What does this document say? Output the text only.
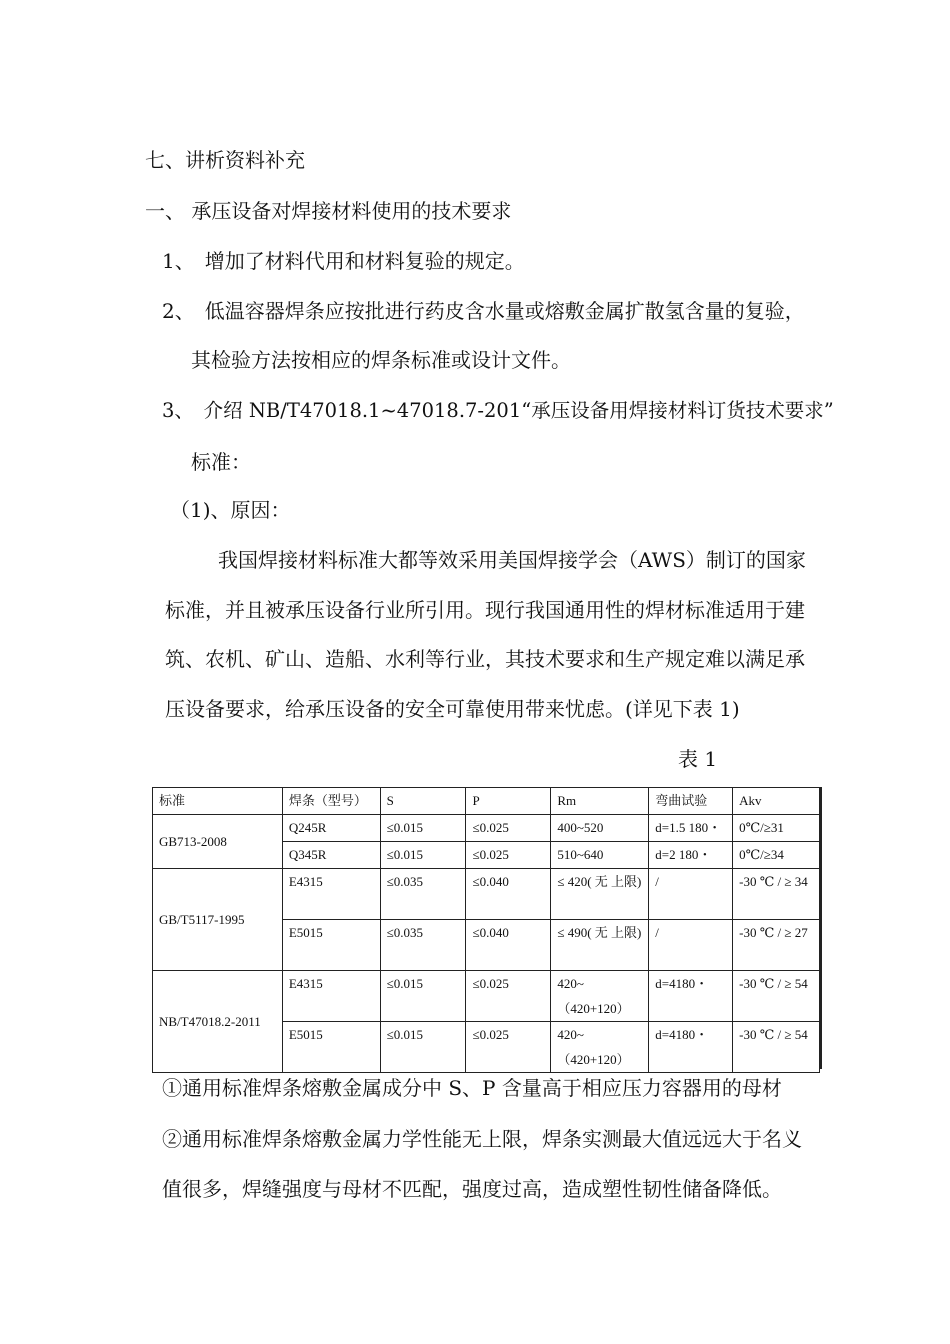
七、讲析资料补充
一、 承压设备对焊接材料使用的技术要求
1、　增加了材料代用和材料复验的规定。
2、　低温容器焊条应按批进行药皮含水量或熔敷金属扩散氢含量的复验，
其检验方法按相应的焊条标准或设计文件。
3、　介绍 NB/T47018.1~47018.7-201“承压设备用焊接材料订货技术要求”
标准：
（1)、原因：
我国焊接材料标准大都等效采用美国焊接学会（AWS）制订的国家
标准，并且被承压设备行业所引用。现行我国通用性的焊材标准适用于建
筑、农机、矿山、造船、水利等行业，其技术要求和生产规定难以满足承
压设备要求，给承压设备的安全可靠使用带来忧虑。(详见下表 1)
表 1
标准	焊条（型号）	S	P	Rm	弯曲试验	Akv
GB713-2008	Q245R	≤0.015	≤0.025	400~520	d=1.5 180・	0℃/≥31
	Q345R	≤0.015	≤0.025	510~640	d=2 180・	0℃/≥34
GB/T5117-1995	E4315	≤0.035	≤0.040	≤ 420( 无 上限)	/	-30 ℃ / ≥ 34
	E5015	≤0.035	≤0.040	≤ 490( 无 上限)	/	-30 ℃ / ≥ 27
NB/T47018.2-2011	E4315	≤0.015	≤0.025	420~（420+120）	d=4180・	-30 ℃ / ≥ 54
	E5015	≤0.015	≤0.025	420~（420+120）	d=4180・	-30 ℃ / ≥ 54
①通用标准焊条熔敷金属成分中 S、P 含量高于相应压力容器用的母材
②通用标准焊条熔敷金属力学性能无上限，焊条实测最大值远远大于名义
值很多，焊缝强度与母材不匹配，强度过高，造成塑性韧性储备降低。
